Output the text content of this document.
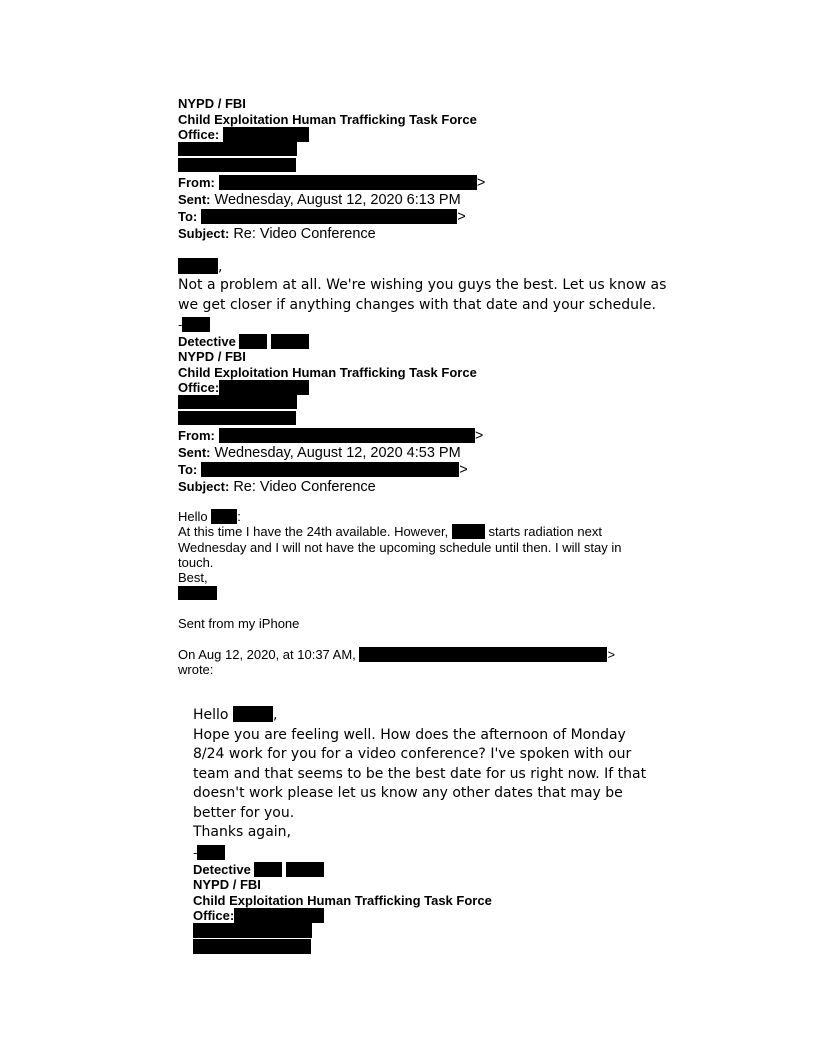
NYPD / FBI
Child Exploitation Human Trafficking Task Force
Office:
From:	>
Sent: Wednesday, August 12, 2020 6:13 PM
To:	>
Subject: Re: Video Conference
,
Not a problem at all. We're wishing you guys the best. Let us know as
we get closer if anything changes with that date and your schedule.
-
Detective
NYPD / FBI
Child Exploitation Human Trafficking Task Force
Office:
From:	>
Sent: Wednesday, August 12, 2020 4:53 PM
To:	>
Subject: Re: Video Conference
Hello :
At this time I have the 24th available. However,	starts radiation next
Wednesday and I will not have the upcoming schedule until then. I will stay in
touch.
Best,
Sent from my iPhone
On Aug 12, 2020, at 10:37 AM,	>
wrote:
Hello	,
Hope you are feeling well. How does the afternoon of Monday
8/24 work for you for a video conference? I've spoken with our
team and that seems to be the best date for us right now. If that
doesn't work please let us know any other dates that may be
better for you.
Thanks again,
-
Detective
NYPD / FBI
Child Exploitation Human Trafficking Task Force
Office:
